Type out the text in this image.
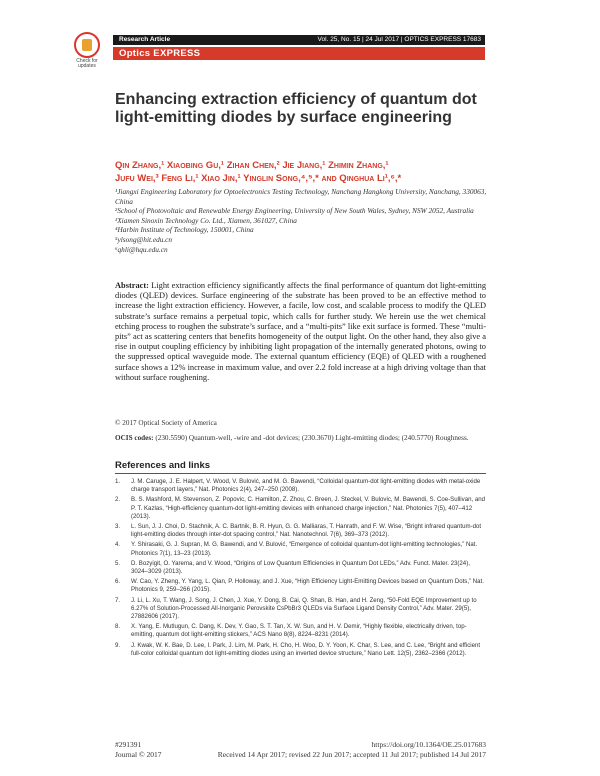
Check for updates
Research Article	Vol. 25, No. 15 | 24 Jul 2017 | OPTICS EXPRESS 17683
Optics EXPRESS
Enhancing extraction efficiency of quantum dot light-emitting diodes by surface engineering
Qin Zhang,¹ Xiaobing Gu,¹ Zihan Chen,² Jie Jiang,¹ Zhimin Zhang,¹
Jufu Wei,³ Feng Li,¹ Xiao Jin,¹ Yinglin Song,⁴,⁵,* and Qinghua Li¹,⁶,*
¹Jiangxi Engineering Laboratory for Optoelectronics Testing Technology, Nanchang Hangkong University, Nanchang, 330063, China
²School of Photovoltaic and Renewable Energy Engineering, University of New South Wales, Sydney, NSW 2052, Australia
³Xiamen Sinoxin Technology Co. Ltd., Xiamen, 361027, China
⁴Harbin Institute of Technology, 150001, China
⁵ylsong@hit.edu.cn
⁶qhli@hqu.edu.cn
Abstract: Light extraction efficiency significantly affects the final performance of quantum dot light-emitting diodes (QLED) devices. Surface engineering of the substrate has been proved to be an effective method to increase the light extraction efficiency. However, a facile, low cost, and scalable process to modify the QLED substrate’s surface remains a perpetual topic, which calls for further study. We herein use the wet chemical etching process to roughen the substrate’s surface, and a “multi-pits” like exit surface is formed. These “multi-pits” act as scattering centers that benefits homogeneity of the output light. On the other hand, they also give a rise in output coupling efficiency by inhibiting light propagation of the internally generated photons, owing to the suppressed optical waveguide mode. The external quantum efficiency (EQE) of QLED with a roughened surface shows a 12% increase in maximum value, and over 2.2 fold increase at a high driving voltage than that without surface roughening.
© 2017 Optical Society of America
OCIS codes: (230.5590) Quantum-well, -wire and -dot devices; (230.3670) Light-emitting diodes; (240.5770) Roughness.
References and links
1. J. M. Caruge, J. E. Halpert, V. Wood, V. Bulović, and M. G. Bawendi, “Colloidal quantum-dot light-emitting diodes with metal-oxide charge transport layers,” Nat. Photonics 2(4), 247–250 (2008).
2. B. S. Mashford, M. Stevenson, Z. Popovic, C. Hamilton, Z. Zhou, C. Breen, J. Steckel, V. Bulovic, M. Bawendi, S. Coe-Sullivan, and P. T. Kazlas, “High-efficiency quantum-dot light-emitting devices with enhanced charge injection,” Nat. Photonics 7(5), 407–412 (2013).
3. L. Sun, J. J. Choi, D. Stachnik, A. C. Bartnik, B. R. Hyun, G. G. Malliaras, T. Hanrath, and F. W. Wise, “Bright infrared quantum-dot light-emitting diodes through inter-dot spacing control,” Nat. Nanotechnol. 7(6), 369–373 (2012).
4. Y. Shirasaki, G. J. Supran, M. G. Bawendi, and V. Bulović, “Emergence of colloidal quantum-dot light-emitting technologies,” Nat. Photonics 7(1), 13–23 (2013).
5. D. Bozyigit, O. Yarema, and V. Wood, “Origins of Low Quantum Efficiencies in Quantum Dot LEDs,” Adv. Funct. Mater. 23(24), 3024–3029 (2013).
6. W. Cao, Y. Zheng, Y. Yang, L. Qian, P. Holloway, and J. Xue, “High Efficiency Light-Emitting Devices based on Quantum Dots,” Nat. Photonics 9, 259–266 (2015).
7. J. Li, L. Xu, T. Wang, J. Song, J. Chen, J. Xue, Y. Dong, B. Cai, Q. Shan, B. Han, and H. Zeng, “50-Fold EQE Improvement up to 6.27% of Solution-Processed All-Inorganic Perovskite CsPbBr3 QLEDs via Surface Ligand Density Control,” Adv. Mater. 29(5), 27882606 (2017).
8. X. Yang, E. Mutlugun, C. Dang, K. Dev, Y. Gao, S. T. Tan, X. W. Sun, and H. V. Demir, “Highly flexible, electrically driven, top-emitting, quantum dot light-emitting stickers,” ACS Nano 8(8), 8224–8231 (2014).
9. J. Kwak, W. K. Bae, D. Lee, I. Park, J. Lim, M. Park, H. Cho, H. Woo, D. Y. Yoon, K. Char, S. Lee, and C. Lee, “Bright and efficient full-color colloidal quantum dot light-emitting diodes using an inverted device structure,” Nano Lett. 12(5), 2362–2366 (2012).
#291391
Journal © 2017
https://doi.org/10.1364/OE.25.017683
Received 14 Apr 2017; revised 22 Jun 2017; accepted 11 Jul 2017; published 14 Jul 2017
